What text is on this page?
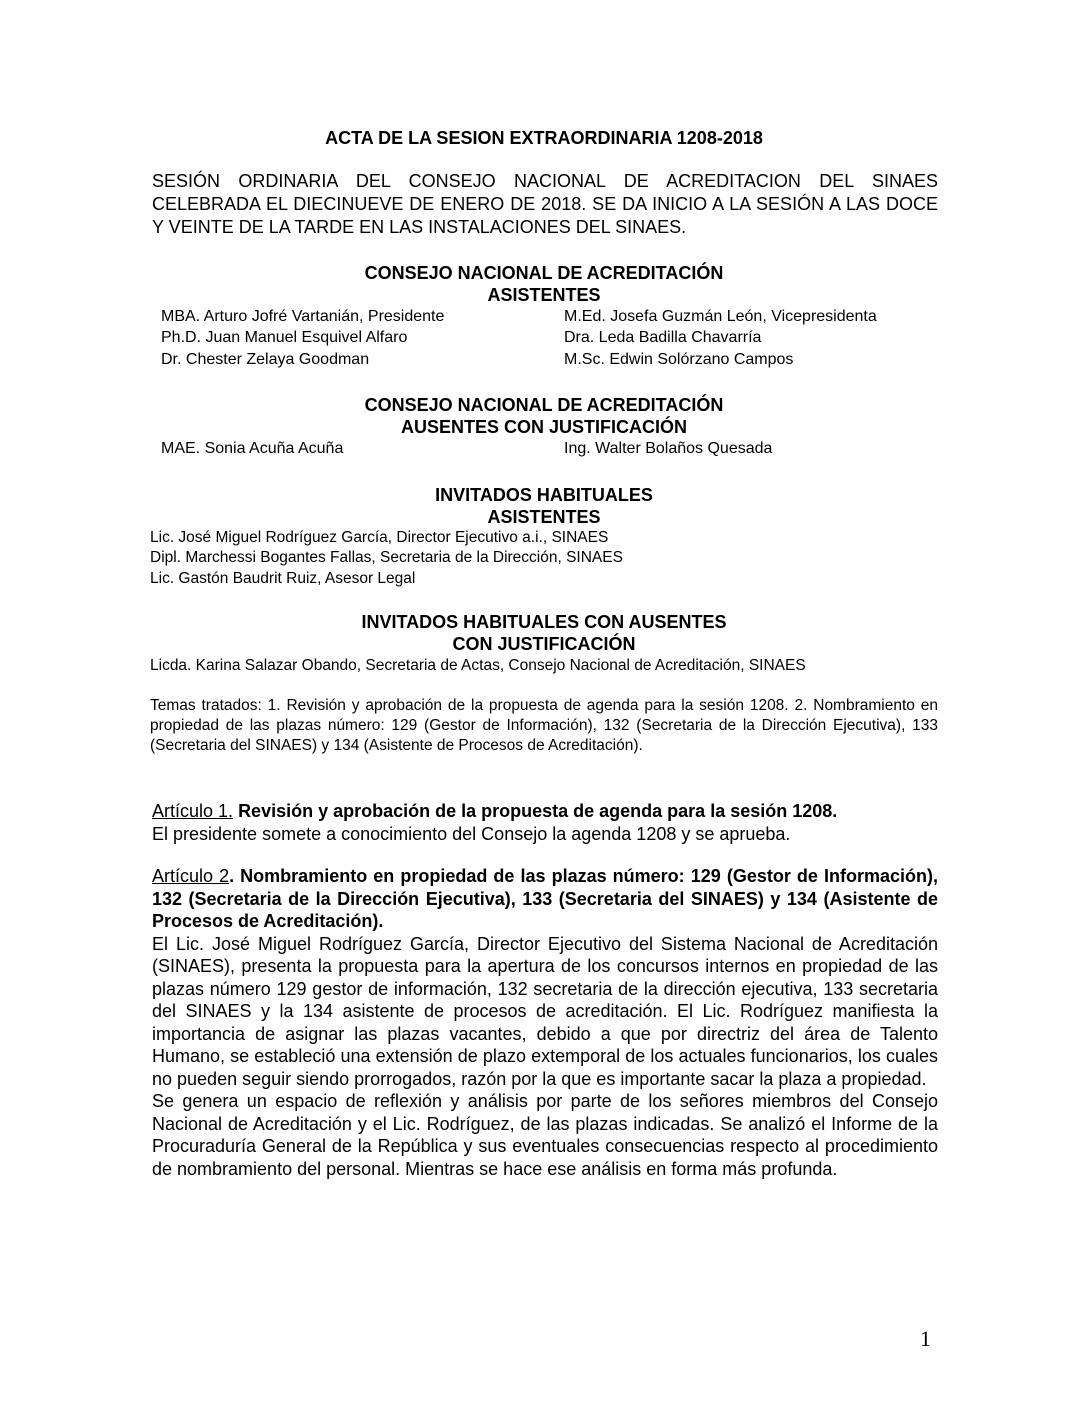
ACTA DE LA SESION EXTRAORDINARIA 1208-2018
SESIÓN ORDINARIA DEL CONSEJO NACIONAL DE ACREDITACION DEL SINAES CELEBRADA EL DIECINUEVE DE ENERO DE 2018. SE DA INICIO A LA SESIÓN A LAS DOCE Y VEINTE DE LA TARDE EN LAS INSTALACIONES DEL SINAES.
CONSEJO NACIONAL DE ACREDITACIÓN
ASISTENTES
MBA. Arturo Jofré Vartanián, Presidente
Ph.D. Juan Manuel Esquivel Alfaro
Dr. Chester Zelaya Goodman
M.Ed. Josefa Guzmán León, Vicepresidenta
Dra. Leda Badilla Chavarría
M.Sc. Edwin Solórzano Campos
CONSEJO NACIONAL DE ACREDITACIÓN
AUSENTES CON JUSTIFICACIÓN
MAE. Sonia Acuña Acuña	Ing. Walter Bolaños Quesada
INVITADOS HABITUALES
ASISTENTES
Lic. José Miguel Rodríguez García, Director Ejecutivo a.i., SINAES
Dipl. Marchessi Bogantes Fallas, Secretaria de la Dirección, SINAES
Lic. Gastón Baudrit Ruiz, Asesor Legal
INVITADOS HABITUALES CON AUSENTES
CON JUSTIFICACIÓN
Licda. Karina Salazar Obando, Secretaria de Actas, Consejo Nacional de Acreditación, SINAES
Temas tratados: 1. Revisión y aprobación de la propuesta de agenda para la sesión 1208. 2. Nombramiento en propiedad de las plazas número: 129 (Gestor de Información), 132 (Secretaria de la Dirección Ejecutiva), 133 (Secretaria del SINAES) y 134 (Asistente de Procesos de Acreditación).
Artículo 1. Revisión y aprobación de la propuesta de agenda para la sesión 1208.
El presidente somete a conocimiento del Consejo la agenda 1208 y se aprueba.
Artículo 2. Nombramiento en propiedad de las plazas número: 129 (Gestor de Información), 132 (Secretaria de la Dirección Ejecutiva), 133 (Secretaria del SINAES) y 134 (Asistente de Procesos de Acreditación).
El Lic. José Miguel Rodríguez García, Director Ejecutivo del Sistema Nacional de Acreditación (SINAES), presenta la propuesta para la apertura de los concursos internos en propiedad de las plazas número 129 gestor de información, 132 secretaria de la dirección ejecutiva, 133 secretaria del SINAES y la 134 asistente de procesos de acreditación. El Lic. Rodríguez manifiesta la importancia de asignar las plazas vacantes, debido a que por directriz del área de Talento Humano, se estableció una extensión de plazo extemporal de los actuales funcionarios, los cuales no pueden seguir siendo prorrogados, razón por la que es importante sacar la plaza a propiedad.
Se genera un espacio de reflexión y análisis por parte de los señores miembros del Consejo Nacional de Acreditación y el Lic. Rodríguez, de las plazas indicadas. Se analizó el Informe de la Procuraduría General de la República y sus eventuales consecuencias respecto al procedimiento de nombramiento del personal. Mientras se hace ese análisis en forma más profunda.
1
